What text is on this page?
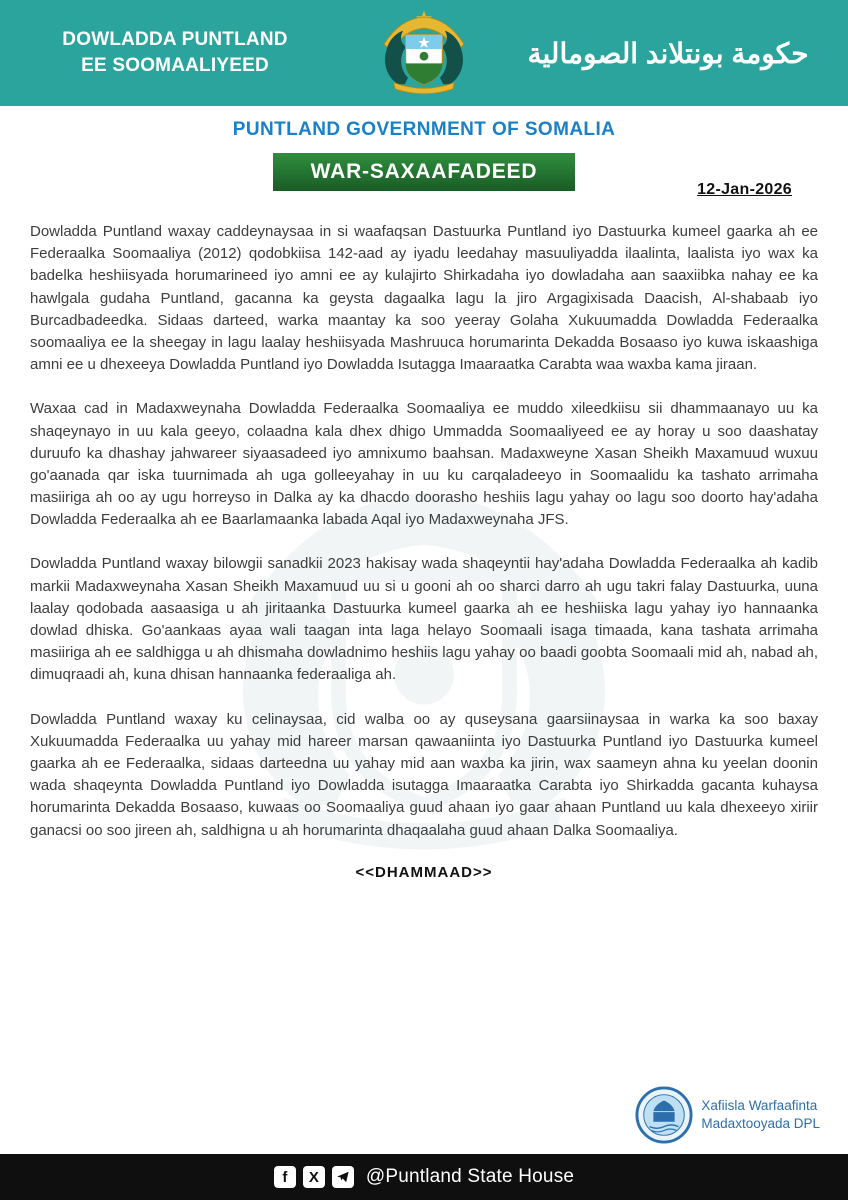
DOWLADDA PUNTLAND
EE SOOMAALIYEED	حكومة بونتلاند الصومالية
PUNTLAND GOVERNMENT OF SOMALIA
WAR-SAXAAFADEED
12-Jan-2026

Dowladda Puntland waxay caddeynaysaa in si waafaqsan Dastuurka Puntland iyo Dastuurka kumeel gaarka ah ee Federaalka Soomaaliya (2012) qodobkiisa 142-aad ay iyadu leedahay masuuliyadda ilaalinta, laalista iyo wax ka badelka heshiisyada horumarineed iyo amni ee ay kulajirto Shirkadaha iyo dowladaha aan saaxiibka nahay ee ka hawlgala gudaha Puntland, gacanna ka geysta dagaalka lagu la jiro Argagixisada Daacish, Al-shabaab iyo Burcadbadeedka. Sidaas darteed, warka maantay ka soo yeeray Golaha Xukuumadda Dowladda Federaalka soomaaliya ee la sheegay in lagu laalay heshiisyada Mashruuca horumarinta Dekadda Bosaaso iyo kuwa iskaashiga amni ee u dhexeeya Dowladda Puntland iyo Dowladda Isutagga Imaaraatka Carabta waa waxba kama jiraan.

Waxaa cad in Madaxweynaha Dowladda Federaalka Soomaaliya ee muddo xileedkiisu sii dhammaanayo uu ka shaqeynayo in uu kala geeyo, colaadna kala dhex dhigo Ummadda Soomaaliyeed ee ay horay u soo daashatay duruufo ka dhashay jahwareer siyaasadeed iyo amnixumo baahsan. Madaxweyne Xasan Sheikh Maxamuud wuxuu go'aanada qar iska tuurnimada ah uga golleeyahay in uu ku carqaladeeyo in Soomaalidu ka tashato arrimaha masiiriga ah oo ay ugu horreyso in Dalka ay ka dhacdo doorasho heshiis lagu yahay oo lagu soo doorto hay'adaha Dowladda Federaalka ah ee Baarlamaanka labada Aqal iyo Madaxweynaha JFS.

Dowladda Puntland waxay bilowgii sanadkii 2023 hakisay wada shaqeyntii hay'adaha Dowladda Federaalka ah kadib markii Madaxweynaha Xasan Sheikh Maxamuud uu si u gooni ah oo sharci darro ah ugu takri falay Dastuurka, uuna laalay qodobada aasaasiga u ah jiritaanka Dastuurka kumeel gaarka ah ee heshiiska lagu yahay iyo hannaanka dowlad dhiska. Go'aankaas ayaa wali taagan inta laga helayo Soomaali isaga timaada, kana tashata arrimaha masiiriga ah ee saldhigga u ah dhismaha dowladnimo heshiis lagu yahay oo baadi goobta Soomaali mid ah, nabad ah, dimuqraadi ah, kuna dhisan hannaanka federaaliga ah.

Dowladda Puntland waxay ku celinaysaa, cid walba oo ay quseysana gaarsiinaysaa in warka ka soo baxay Xukuumadda Federaalka uu yahay mid hareer marsan qawaaniinta iyo Dastuurka Puntland iyo Dastuurka kumeel gaarka ah ee Federaalka, sidaas darteedna uu yahay mid aan waxba ka jirin, wax saameyn ahna ku yeelan doonin wada shaqeynta Dowladda Puntland iyo Dowladda isutagga Imaaraatka Carabta iyo Shirkadda gacanta kuhaysa horumarinta Dekadda Bosaaso, kuwaas oo Soomaaliya guud ahaan iyo gaar ahaan Puntland uu kala dhexeeyo xiriir ganacsi oo soo jireen ah, saldhigna u ah horumarinta dhaqaalaha guud ahaan Dalka Soomaaliya.

<<DHAMMAAD>>
Xafiisla Warfaafinta
Madaxtooyada DPL
f X @Puntland State House
